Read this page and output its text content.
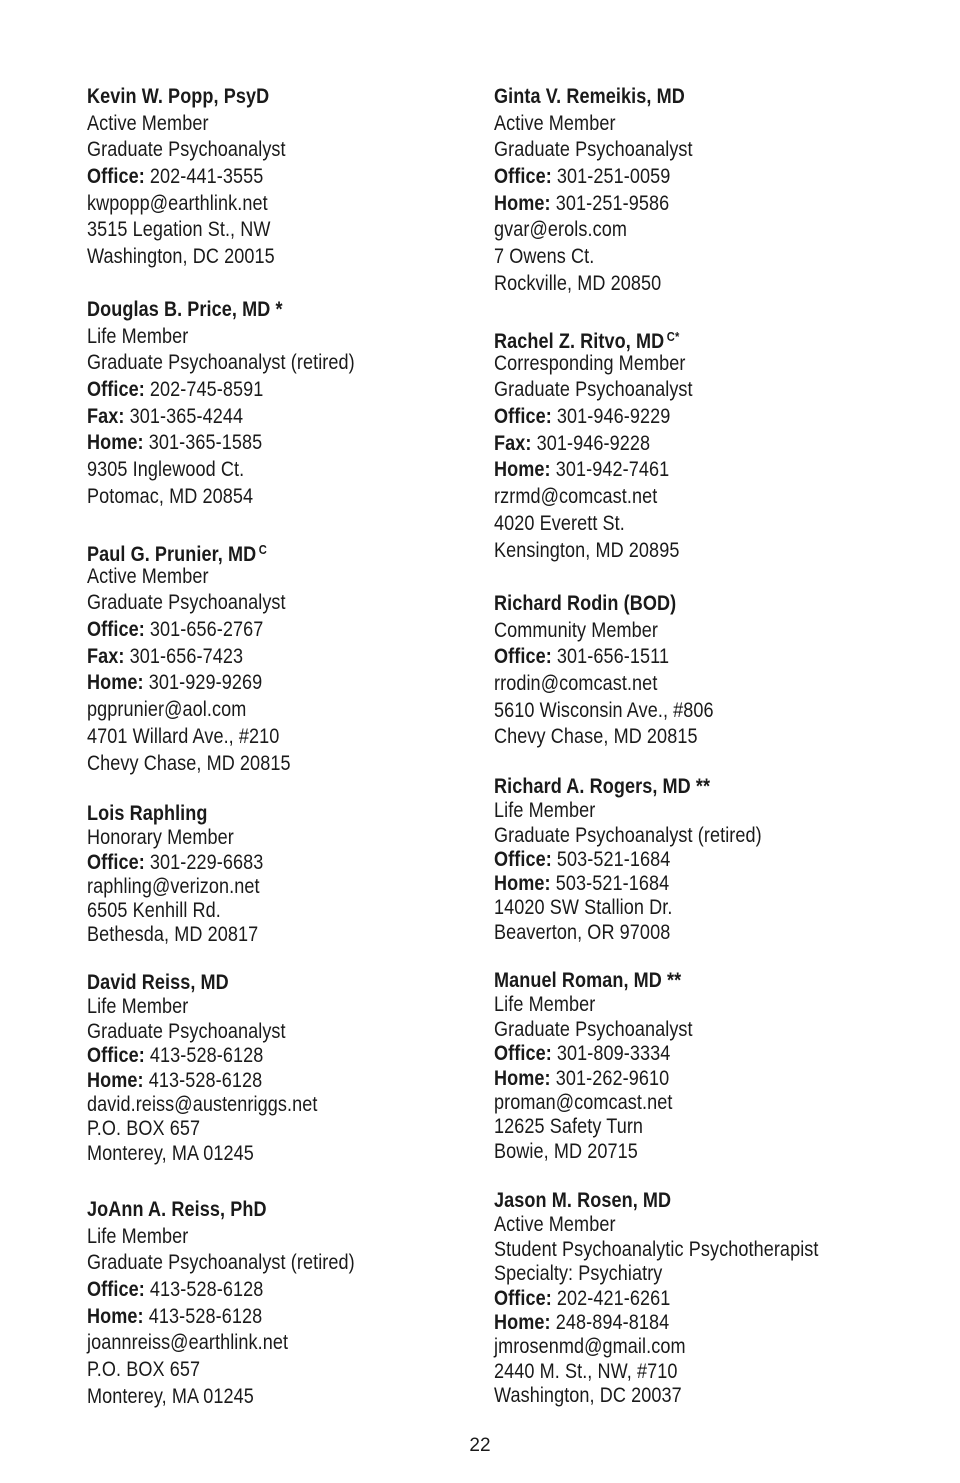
Kevin W. Popp, PsyD
Active Member
Graduate Psychoanalyst
Office: 202-441-3555
kwpopp@earthlink.net
3515 Legation St., NW
Washington, DC 20015
Douglas B. Price, MD *
Life Member
Graduate Psychoanalyst (retired)
Office: 202-745-8591
Fax: 301-365-4244
Home: 301-365-1585
9305 Inglewood Ct.
Potomac, MD 20854
Paul G. Prunier, MD $^C$
Active Member
Graduate Psychoanalyst
Office: 301-656-2767
Fax: 301-656-7423
Home: 301-929-9269
pgprunier@aol.com
4701 Willard Ave., #210
Chevy Chase, MD 20815
Lois Raphling
Honorary Member
Office: 301-229-6683
raphling@verizon.net
6505 Kenhill Rd.
Bethesda, MD 20817
David Reiss, MD
Life Member
Graduate Psychoanalyst
Office: 413-528-6128
Home: 413-528-6128
david.reiss@austenriggs.net
P.O. BOX 657
Monterey, MA 01245
JoAnn A. Reiss, PhD
Life Member
Graduate Psychoanalyst (retired)
Office: 413-528-6128
Home: 413-528-6128
joannreiss@earthlink.net
P.O. BOX 657
Monterey, MA 01245
Ginta V. Remeikis, MD
Active Member
Graduate Psychoanalyst
Office: 301-251-0059
Home: 301-251-9586
gvar@erols.com
7 Owens Ct.
Rockville, MD 20850
Rachel Z. Ritvo, MD $^{C*}$
Corresponding Member
Graduate Psychoanalyst
Office: 301-946-9229
Fax: 301-946-9228
Home: 301-942-7461
rzrmd@comcast.net
4020 Everett St.
Kensington, MD 20895
Richard Rodin (BOD)
Community Member
Office: 301-656-1511
rrodin@comcast.net
5610 Wisconsin Ave., #806
Chevy Chase, MD 20815
Richard A. Rogers, MD **
Life Member
Graduate Psychoanalyst (retired)
Office: 503-521-1684
Home: 503-521-1684
14020 SW Stallion Dr.
Beaverton, OR 97008
Manuel Roman, MD **
Life Member
Graduate Psychoanalyst
Office: 301-809-3334
Home: 301-262-9610
proman@comcast.net
12625 Safety Turn
Bowie, MD 20715
Jason M. Rosen, MD
Active Member
Student Psychoanalytic Psychotherapist
Specialty: Psychiatry
Office: 202-421-6261
Home: 248-894-8184
jmrosenmd@gmail.com
2440 M. St., NW, #710
Washington, DC 20037
22
